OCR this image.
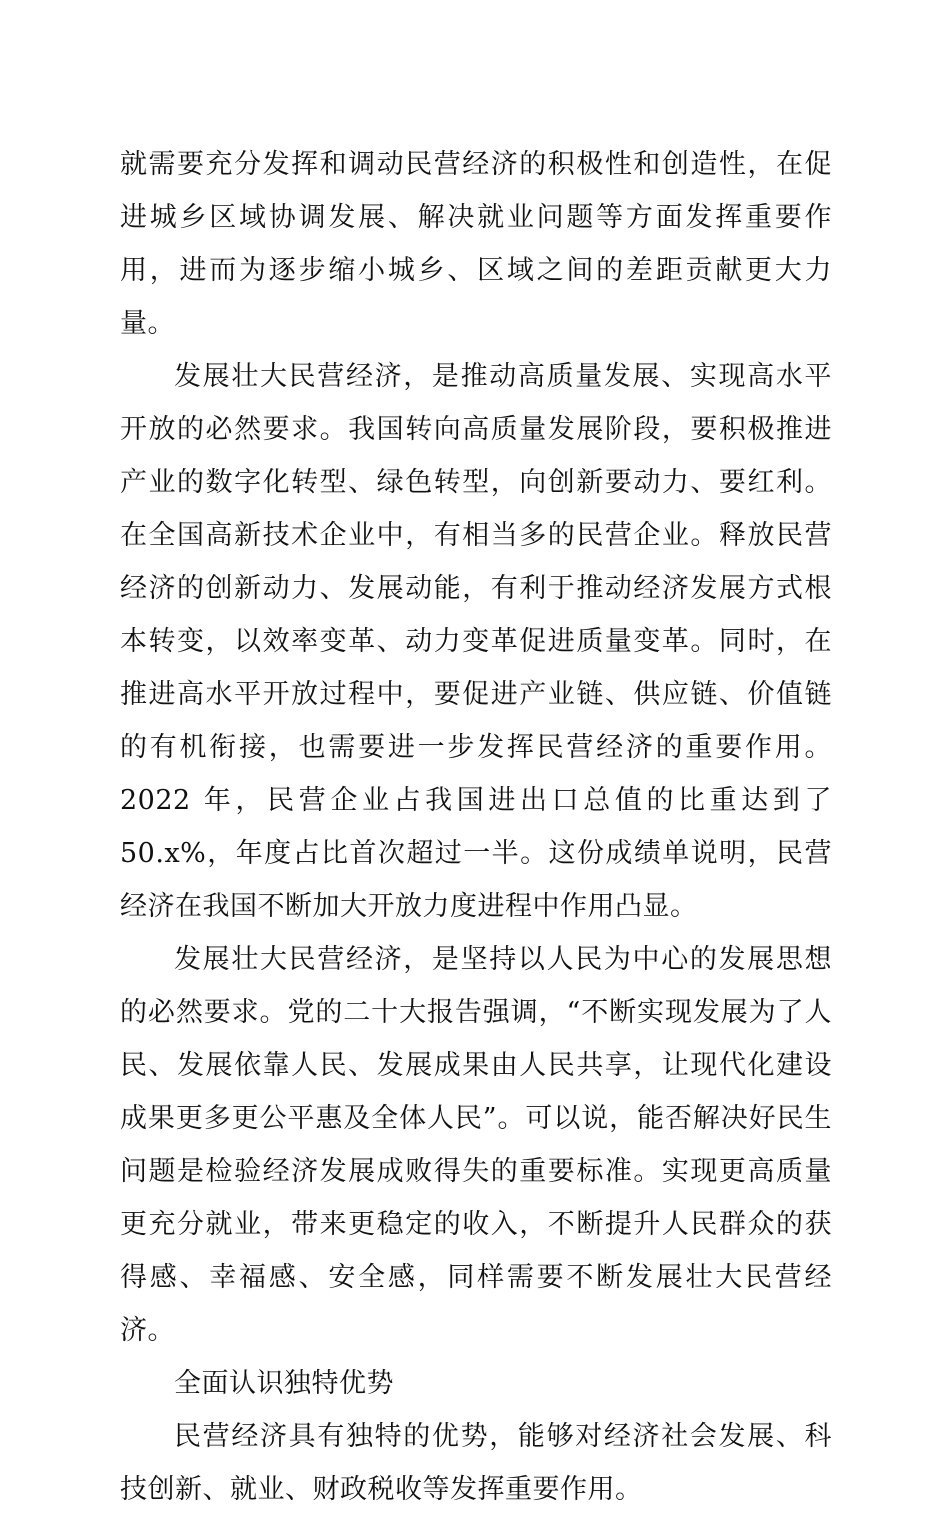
就需要充分发挥和调动民营经济的积极性和创造性，在促进城乡区域协调发展、解决就业问题等方面发挥重要作用，进而为逐步缩小城乡、区域之间的差距贡献更大力量。

发展壮大民营经济，是推动高质量发展、实现高水平开放的必然要求。我国转向高质量发展阶段，要积极推进产业的数字化转型、绿色转型，向创新要动力、要红利。在全国高新技术企业中，有相当多的民营企业。释放民营经济的创新动力、发展动能，有利于推动经济发展方式根本转变，以效率变革、动力变革促进质量变革。同时，在推进高水平开放过程中，要促进产业链、供应链、价值链的有机衔接，也需要进一步发挥民营经济的重要作用。2022 年，民营企业占我国进出口总值的比重达到了 50.x%，年度占比首次超过一半。这份成绩单说明，民营经济在我国不断加大开放力度进程中作用凸显。

发展壮大民营经济，是坚持以人民为中心的发展思想的必然要求。党的二十大报告强调，“不断实现发展为了人民、发展依靠人民、发展成果由人民共享，让现代化建设成果更多更公平惠及全体人民”。可以说，能否解决好民生问题是检验经济发展成败得失的重要标准。实现更高质量更充分就业，带来更稳定的收入，不断提升人民群众的获得感、幸福感、安全感，同样需要不断发展壮大民营经济。

全面认识独特优势

民营经济具有独特的优势，能够对经济社会发展、科技创新、就业、财政税收等发挥重要作用。
